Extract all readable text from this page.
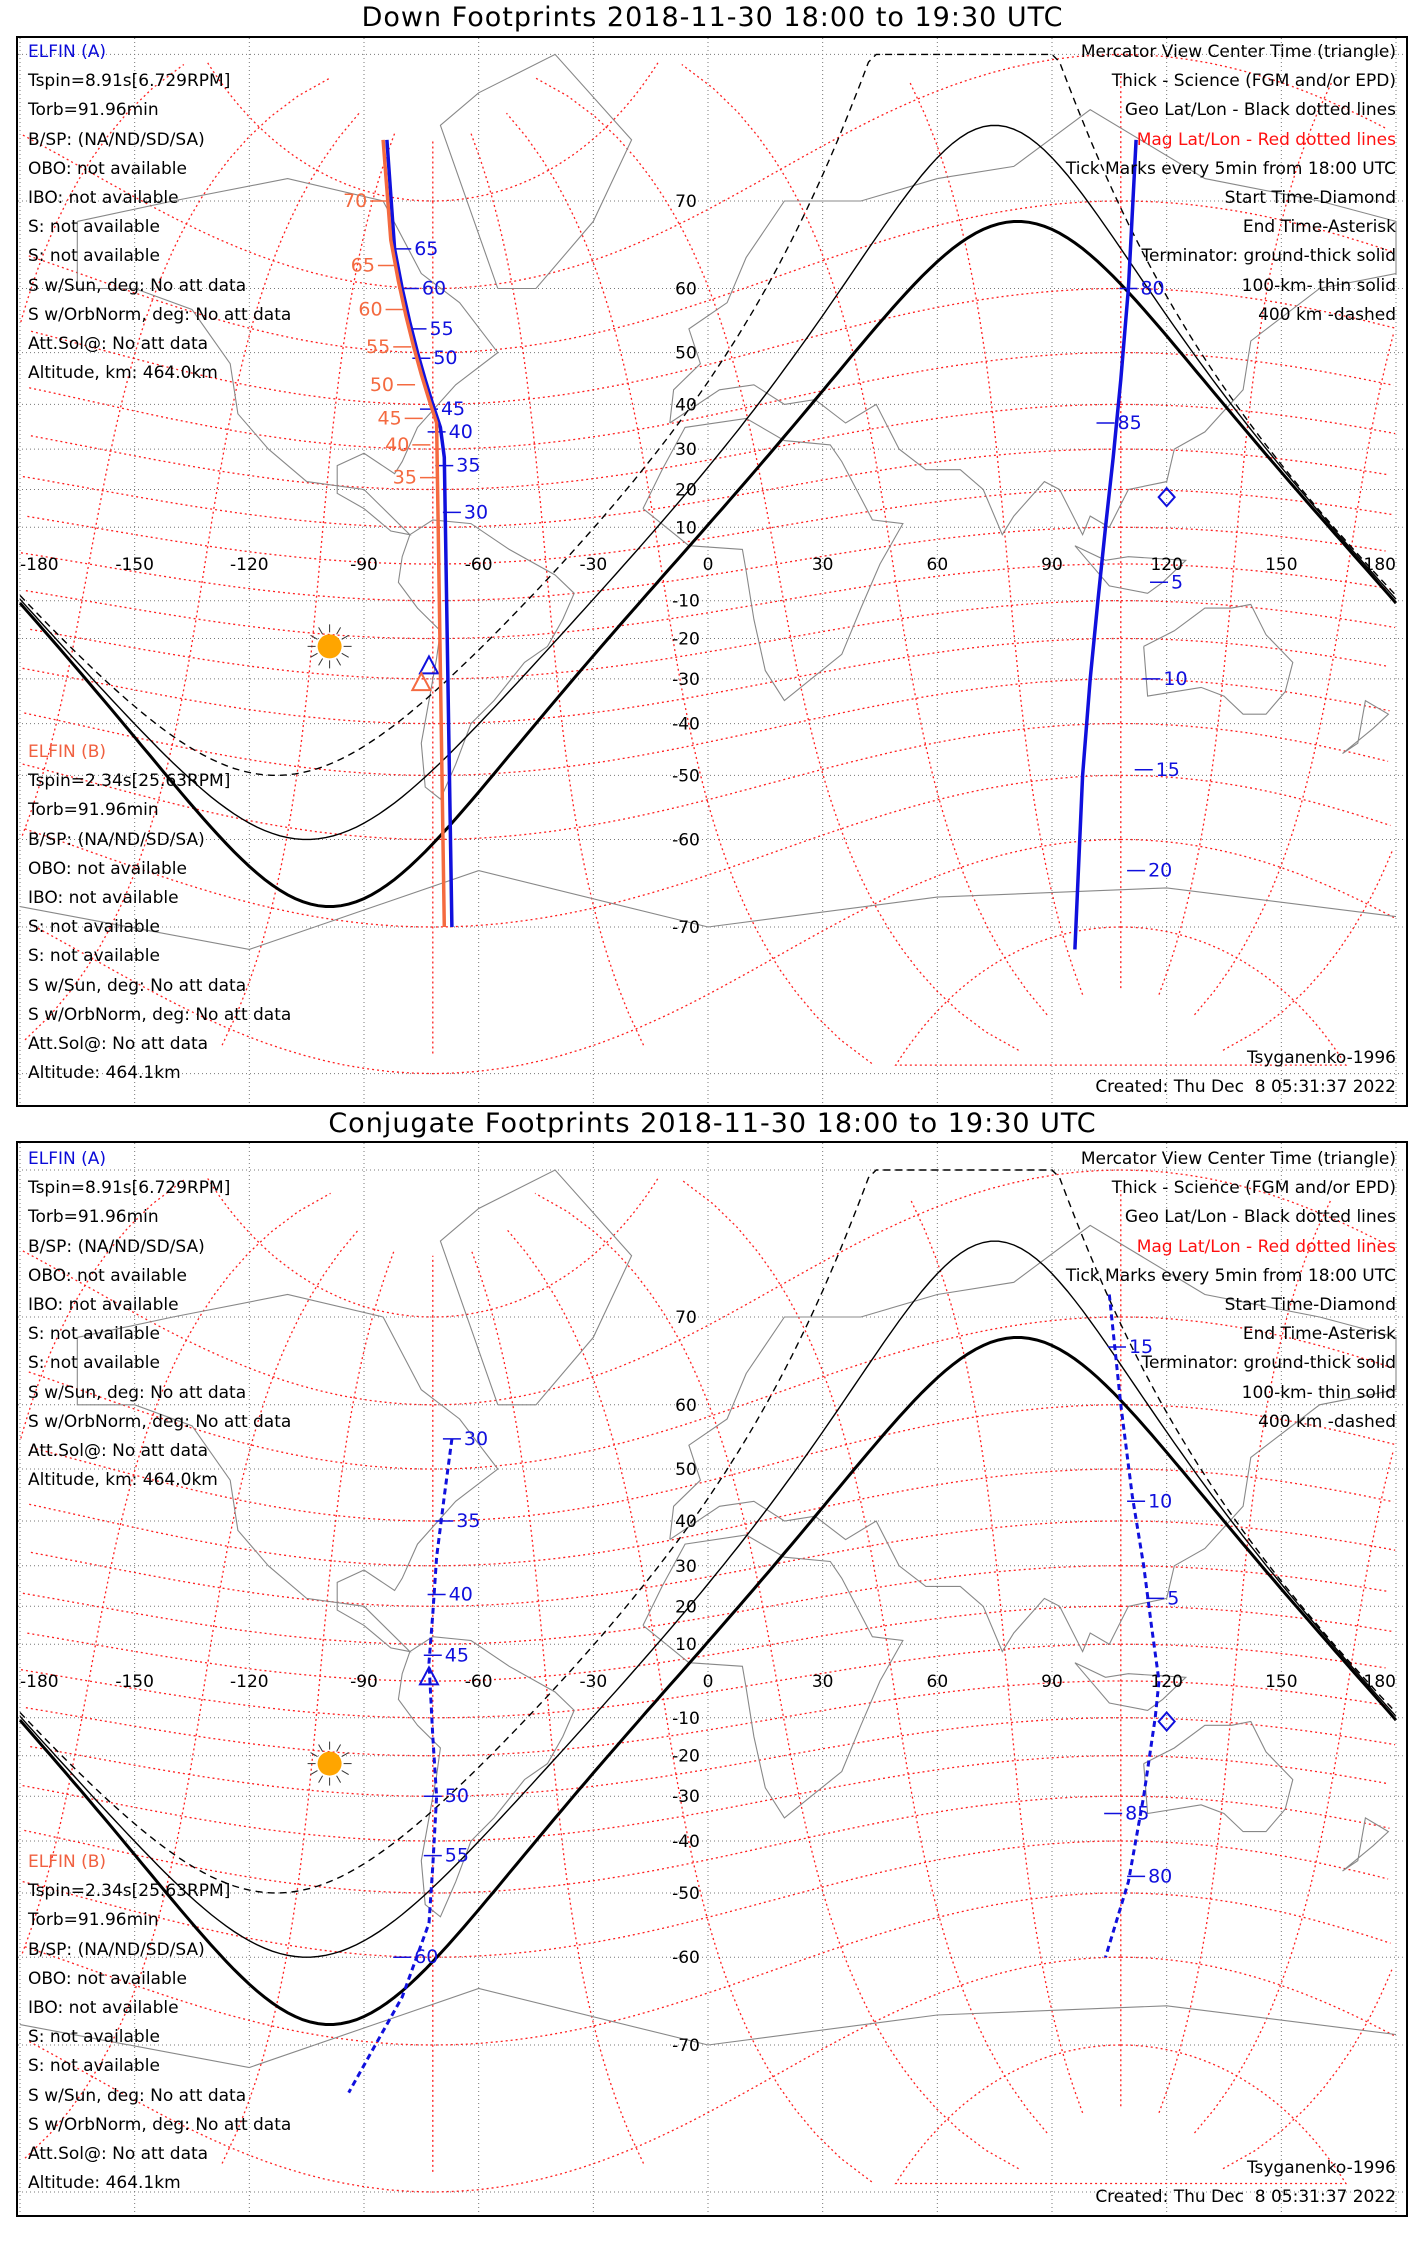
Down Footprints 2018-11-30 18:00 to 19:30 UTC
-180	-150	-120	-90	-60	-30	0	30	60	90	120	150	180
70
60
50
40
30
20
10
-10
-20
-30
-40
-50
-60
-70
65
60
55
50
45
40
35
30
70
65
60
55
50
45
40
35
80
85
5
10
15
20
ELFIN (A)
Tspin=8.91s[6.729RPM]
Torb=91.96min
B/SP: (NA/ND/SD/SA)
OBO: not available
IBO: not available
S: not available
S: not available
S w/Sun, deg: No att data
S w/OrbNorm, deg: No att data
Att.Sol@: No att data
Altitude, km: 464.0km
ELFIN (B)
Tspin=2.34s[25.63RPM]
Torb=91.96min
B/SP: (NA/ND/SD/SA)
OBO: not available
IBO: not available
S: not available
S: not available
S w/Sun, deg: No att data
S w/OrbNorm, deg: No att data
Att.Sol@: No att data
Altitude: 464.1km
Mercator View Center Time (triangle)
Thick - Science (FGM and/or EPD)
Geo Lat/Lon - Black dotted lines
Mag Lat/Lon - Red dotted lines
Tick Marks every 5min from 18:00 UTC
Start Time-Diamond
End Time-Asterisk
Terminator: ground-thick solid
100-km- thin solid
400 km -dashed
Tsyganenko-1996
Created: Thu Dec  8 05:31:37 2022
Conjugate Footprints 2018-11-30 18:00 to 19:30 UTC
-180	-150	-120	-90	-60	-30	0	30	60	90	120	150	180
70
60
50
40
30
20
10
-10
-20
-30
-40
-50
-60
-70
30
35
40
45
50
55
60
15
10
5
85
80
ELFIN (A)
Tspin=8.91s[6.729RPM]
Torb=91.96min
B/SP: (NA/ND/SD/SA)
OBO: not available
IBO: not available
S: not available
S: not available
S w/Sun, deg: No att data
S w/OrbNorm, deg: No att data
Att.Sol@: No att data
Altitude, km: 464.0km
ELFIN (B)
Tspin=2.34s[25.63RPM]
Torb=91.96min
B/SP: (NA/ND/SD/SA)
OBO: not available
IBO: not available
S: not available
S: not available
S w/Sun, deg: No att data
S w/OrbNorm, deg: No att data
Att.Sol@: No att data
Altitude: 464.1km
Mercator View Center Time (triangle)
Thick - Science (FGM and/or EPD)
Geo Lat/Lon - Black dotted lines
Mag Lat/Lon - Red dotted lines
Tick Marks every 5min from 18:00 UTC
Start Time-Diamond
End Time-Asterisk
Terminator: ground-thick solid
100-km- thin solid
400 km -dashed
Tsyganenko-1996
Created: Thu Dec  8 05:31:37 2022
